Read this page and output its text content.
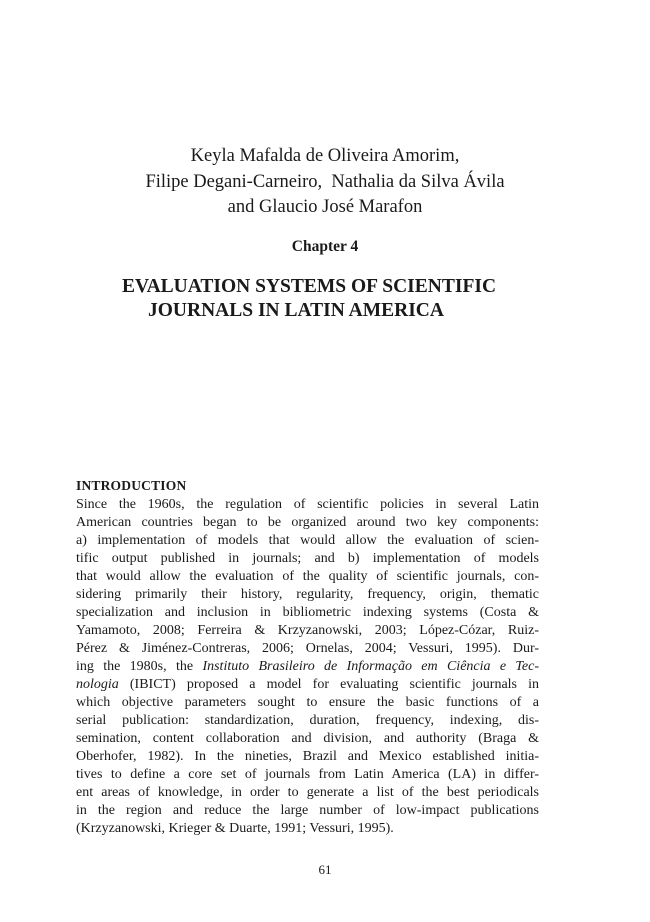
Keyla Mafalda de Oliveira Amorim,
Filipe Degani-Carneiro,  Nathalia da Silva Ávila
and Glaucio José Marafon
Chapter 4
EVALUATION SYSTEMS OF SCIENTIFIC
JOURNALS IN LATIN AMERICA
INTRODUCTION
Since the 1960s, the regulation of scientific policies in several Latin
American countries began to be organized around two key components:
a) implementation of models that would allow the evaluation of scien-
tific output published in journals; and b) implementation of models
that would allow the evaluation of the quality of scientific journals, con-
sidering primarily their history, regularity, frequency, origin, thematic
specialization and inclusion in bibliometric indexing systems (Costa &
Yamamoto, 2008; Ferreira & Krzyzanowski, 2003; López-Cózar, Ruiz-
Pérez & Jiménez-Contreras, 2006; Ornelas, 2004; Vessuri, 1995). Dur-
ing the 1980s, the Instituto Brasileiro de Informação em Ciência e Tec-
nologia (IBICT) proposed a model for evaluating scientific journals in
which objective parameters sought to ensure the basic functions of a
serial publication: standardization, duration, frequency, indexing, dis-
semination, content collaboration and division, and authority (Braga &
Oberhofer, 1982). In the nineties, Brazil and Mexico established initia-
tives to define a core set of journals from Latin America (LA) in differ-
ent areas of knowledge, in order to generate a list of the best periodicals
in the region and reduce the large number of low-impact publications
(Krzyzanowski, Krieger & Duarte, 1991; Vessuri, 1995).
61
